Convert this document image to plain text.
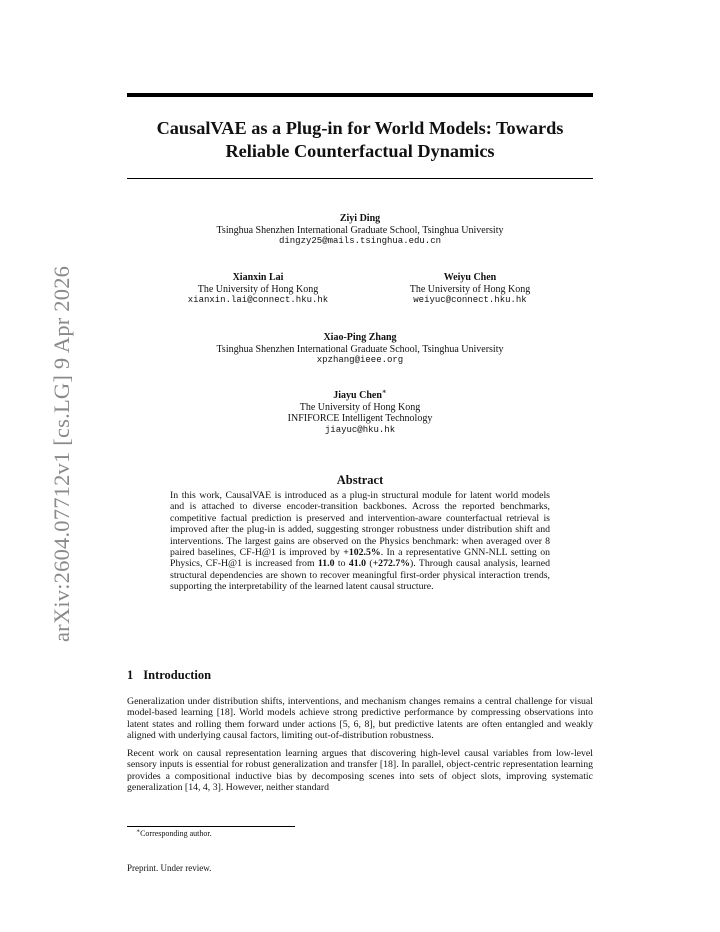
arXiv:2604.07712v1 [cs.LG] 9 Apr 2026
CausalVAE as a Plug-in for World Models: Towards Reliable Counterfactual Dynamics
Ziyi Ding
Tsinghua Shenzhen International Graduate School, Tsinghua University
dingzy25@mails.tsinghua.edu.cn
Xianxin Lai
The University of Hong Kong
xianxin.lai@connect.hku.hk
Weiyu Chen
The University of Hong Kong
weiyuc@connect.hku.hk
Xiao-Ping Zhang
Tsinghua Shenzhen International Graduate School, Tsinghua University
xpzhang@ieee.org
Jiayu Chen∗
The University of Hong Kong
INFIFORCE Intelligent Technology
jiayuc@hku.hk
Abstract

In this work, CausalVAE is introduced as a plug-in structural module for latent world models and is attached to diverse encoder-transition backbones. Across the reported benchmarks, competitive factual prediction is preserved and intervention-aware counterfactual retrieval is improved after the plug-in is added, suggesting stronger robustness under distribution shift and interventions. The largest gains are observed on the Physics benchmark: when averaged over 8 paired baselines, CF-H@1 is improved by +102.5%. In a representative GNN-NLL setting on Physics, CF-H@1 is increased from 11.0 to 41.0 (+272.7%). Through causal analysis, learned structural dependencies are shown to recover meaningful first-order physical interaction trends, supporting the interpretability of the learned latent causal structure.

1 Introduction

Generalization under distribution shifts, interventions, and mechanism changes remains a central challenge for visual model-based learning [18]. World models achieve strong predictive performance by compressing observations into latent states and rolling them forward under actions [5, 6, 8], but predictive latents are often entangled and weakly aligned with underlying causal factors, limiting out-of-distribution robustness.

Recent work on causal representation learning argues that discovering high-level causal variables from low-level sensory inputs is essential for robust generalization and transfer [18]. In parallel, object-centric representation learning provides a compositional inductive bias by decomposing scenes into sets of object slots, improving systematic generalization [14, 4, 3]. However, neither standard

∗Corresponding author.

Preprint. Under review.
